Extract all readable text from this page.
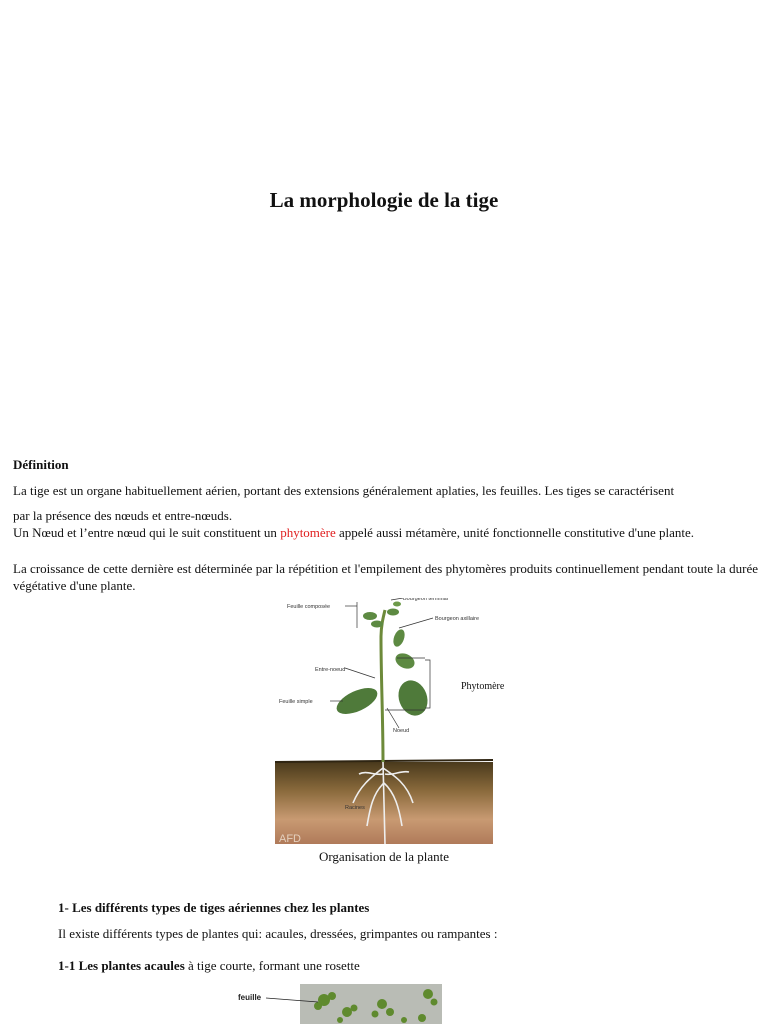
La morphologie de la tige
Définition
La tige est un organe habituellement aérien, portant des extensions généralement aplaties, les feuilles. Les tiges se caractérisent
par la présence des nœuds et entre-nœuds.
Un Nœud et l’entre nœud qui le suit constituent un phytomère appelé aussi métamère, unité fonctionnelle constitutive d'une plante.
La croissance de cette dernière est déterminée par la répétition et l'empilement des phytomères produits continuellement pendant toute la durée végétative d'une plante.
Feuille composée
Bourgeon terminal
Bourgeon axillaire
Entre-noeud
Feuille simple
Noeud
Racines
AFD
Phytomère
Organisation de la plante
1- Les différents types de tiges aériennes chez les plantes
Il existe différents types de plantes qui: acaules, dressées, grimpantes ou rampantes :
1-1 Les plantes acaules à tige courte, formant une rosette
feuille
